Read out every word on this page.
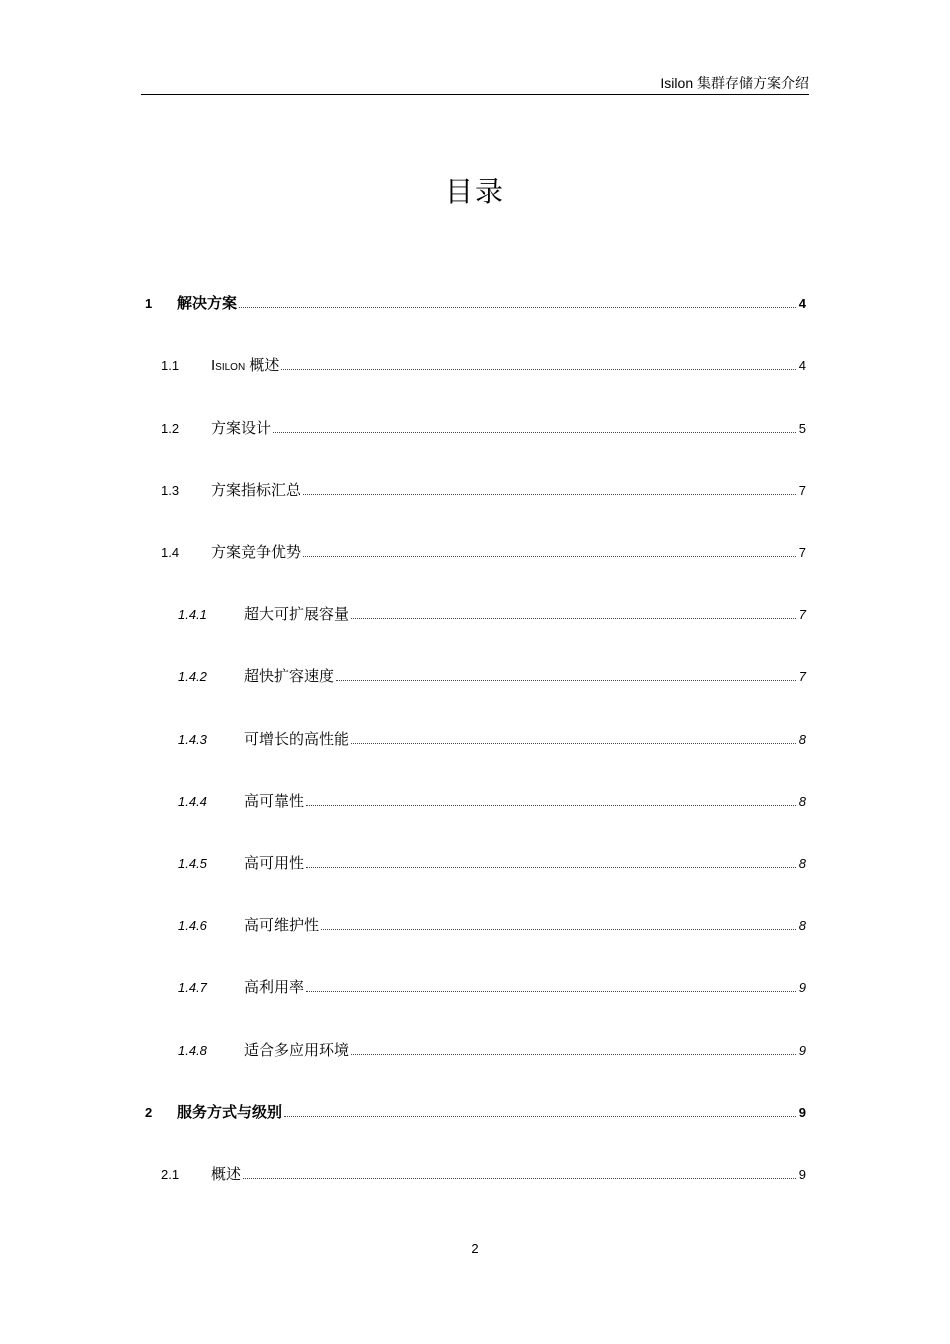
Isilon 集群存储方案介绍
目录
1 解决方案	4
1.1 ISILON 概述	4
1.2 方案设计	5
1.3 方案指标汇总	7
1.4 方案竞争优势	7
1.4.1 超大可扩展容量	7
1.4.2 超快扩容速度	7
1.4.3 可增长的高性能	8
1.4.4 高可靠性	8
1.4.5 高可用性	8
1.4.6 高可维护性	8
1.4.7 高利用率	9
1.4.8 适合多应用环境	9
2 服务方式与级别	9
2.1 概述	9
2
